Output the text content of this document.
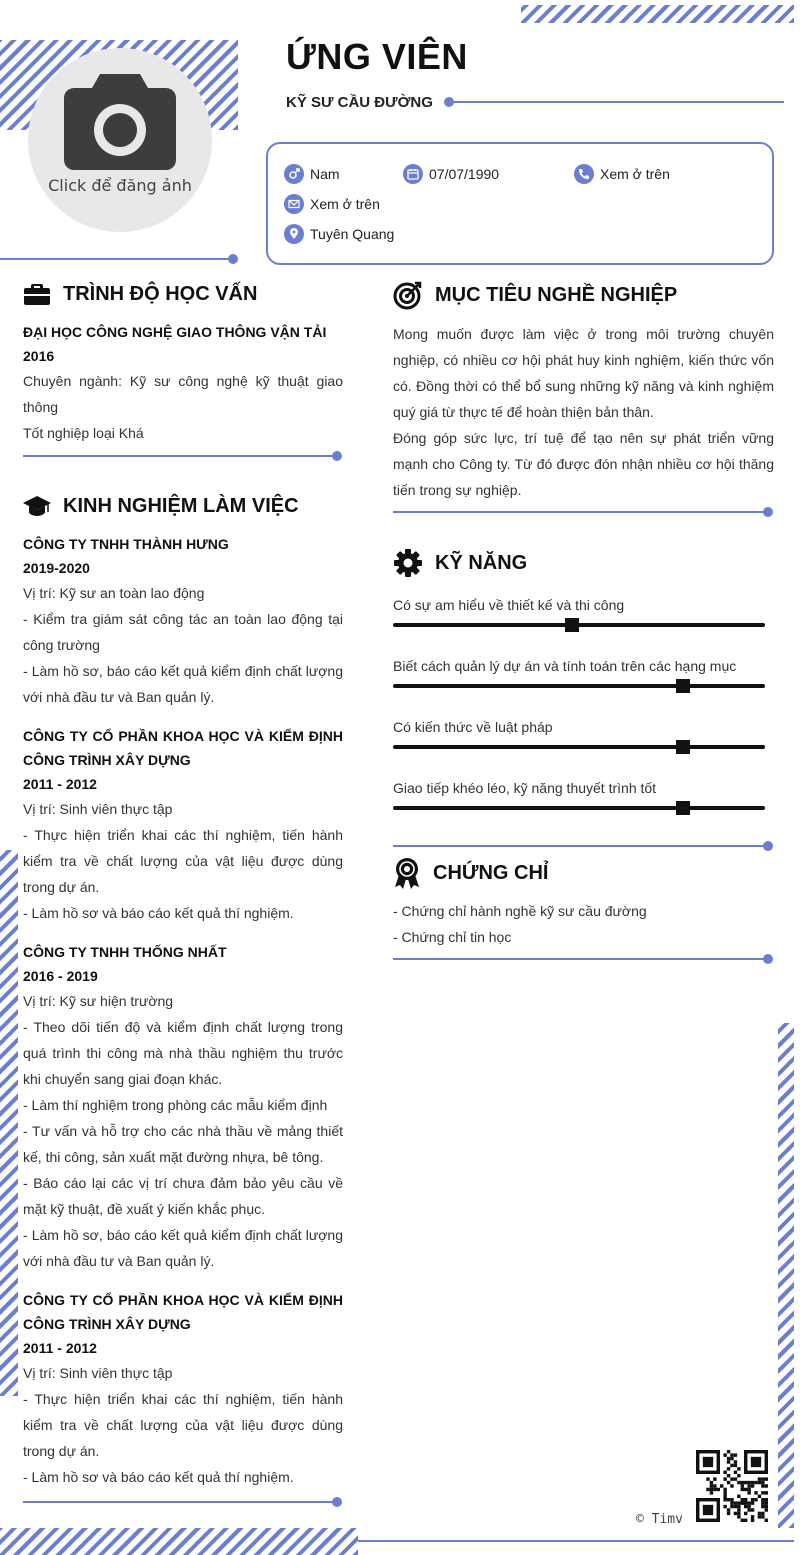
Click để đăng ảnh
ỨNG VIÊN
KỸ SƯ CẦU ĐƯỜNG
Nam	07/07/1990	Xem ở trên
Xem ở trên
Tuyên Quang
TRÌNH ĐỘ HỌC VẤN

ĐẠI HỌC CÔNG NGHỆ GIAO THÔNG VẬN TẢI

2016

Chuyên ngành: Kỹ sư công nghệ kỹ thuật giao thông

Tốt nghiệp loại Khá

KINH NGHIỆM LÀM VIỆC

CÔNG TY TNHH THÀNH HƯNG

2019-2020

Vị trí: Kỹ sư an toàn lao động

- Kiểm tra giám sát công tác an toàn lao động tại công trường

- Làm hồ sơ, báo cáo kết quả kiểm định chất lượng với nhà đầu tư và Ban quản lý.

CÔNG TY CỔ PHẦN KHOA HỌC VÀ KIỂM ĐỊNH CÔNG TRÌNH XÂY DỰNG

2011 - 2012

Vị trí: Sinh viên thực tập

- Thực hiện triển khai các thí nghiệm, tiến hành kiểm tra về chất lượng của vật liệu được dùng trong dự án.

- Làm hồ sơ và báo cáo kết quả thí nghiệm.

CÔNG TY TNHH THỐNG NHẤT

2016 - 2019

Vị trí: Kỹ sư hiện trường

- Theo dõi tiến độ và kiểm định chất lượng trong quá trình thi công mà nhà thầu nghiệm thu trước khi chuyển sang giai đoạn khác.

- Làm thí nghiệm trong phòng các mẫu kiểm định

- Tư vấn và hỗ trợ cho các nhà thầu về mảng thiết kế, thi công, sản xuất mặt đường nhựa, bê tông.

- Báo cáo lại các vị trí chưa đảm bảo yêu cầu về mặt kỹ thuật, đề xuất ý kiến khắc phục.

- Làm hồ sơ, báo cáo kết quả kiểm định chất lượng với nhà đầu tư và Ban quản lý.

CÔNG TY CỔ PHẦN KHOA HỌC VÀ KIỂM ĐỊNH CÔNG TRÌNH XÂY DỰNG

2011 - 2012

Vị trí: Sinh viên thực tập

- Thực hiện triển khai các thí nghiệm, tiến hành kiểm tra về chất lượng của vật liệu được dùng trong dự án.

- Làm hồ sơ và báo cáo kết quả thí nghiệm.

MỤC TIÊU NGHỀ NGHIỆP

Mong muốn được làm việc ở trong môi trường chuyên nghiệp, có nhiều cơ hội phát huy kinh nghiệm, kiến thức vốn có. Đồng thời có thể bổ sung những kỹ năng và kinh nghiệm quý giá từ thực tế để hoàn thiện bản thân.

Đóng góp sức lực, trí tuệ để tạo nên sự phát triển vững mạnh cho Công ty. Từ đó được đón nhận nhiều cơ hội thăng tiến trong sự nghiệp.

KỸ NĂNG
Có sự am hiểu về thiết kế và thi công
Biết cách quản lý dự án và tính toán trên các hạng mục
Có kiến thức về luật pháp
Giao tiếp khéo léo, kỹ năng thuyết trình tốt
CHỨNG CHỈ

- Chứng chỉ hành nghề kỹ sư cầu đường

- Chứng chỉ tin học

© Timv
